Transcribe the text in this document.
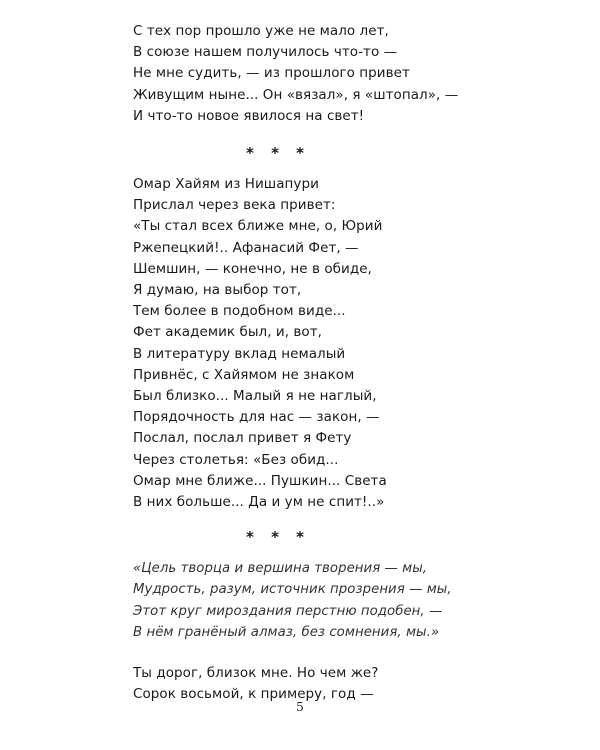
С тех пор прошло уже не мало лет,
В союзе нашем получилось что-то —
Не мне судить, — из прошлого привет
Живущим ныне... Он «вязал», я «штопал», —
И что-то новое явилося на свет!
* * *
Омар Хайям из Нишапури
Прислал через века привет:
«Ты стал всех ближе мне, о, Юрий
Ржепецкий!.. Афанасий Фет, —
Шемшин, — конечно, не в обиде,
Я думаю, на выбор тот,
Тем более в подобном виде...
Фет академик был, и, вот,
В литературу вклад немалый
Привнёс, с Хайямом не знаком
Был близко... Малый я не наглый,
Порядочность для нас — закон, —
Послал, послал привет я Фету
Через столетья: «Без обид...
Омар мне ближе... Пушкин... Света
В них больше... Да и ум не спит!..»
* * *
«Цель творца и вершина творения — мы,
Мудрость, разум, источник прозрения — мы,
Этот круг мироздания перстню подобен, —
В нём гранёный алмаз, без сомнения, мы.»
Ты дорог, близок мне. Но чем же?
Сорок восьмой, к примеру, год —
5
